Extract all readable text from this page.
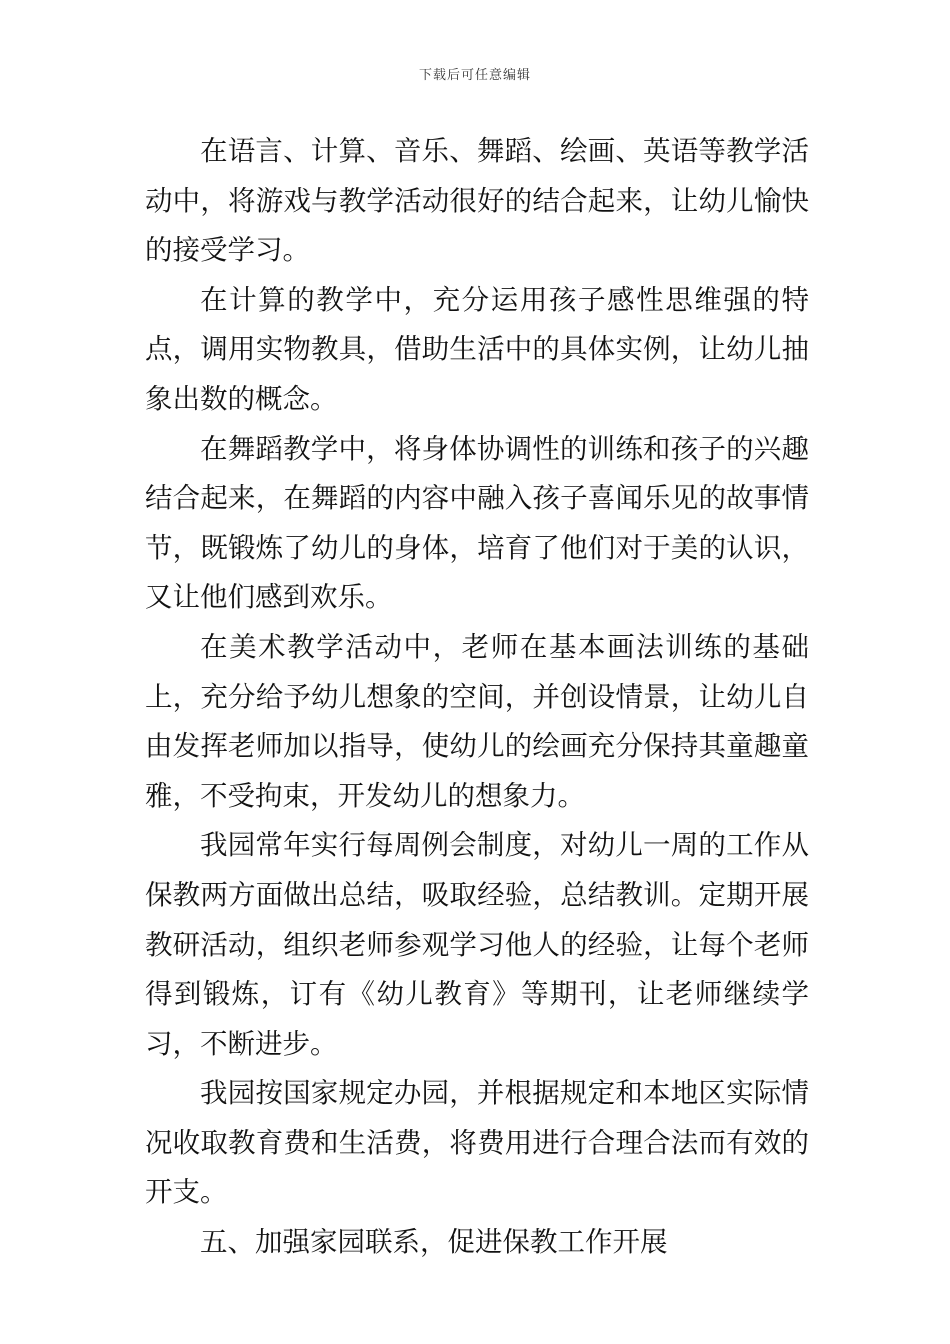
下载后可任意编辑

在语言、计算、音乐、舞蹈、绘画、英语等教学活动中，将游戏与教学活动很好的结合起来，让幼儿愉快的接受学习。

在计算的教学中，充分运用孩子感性思维强的特点，调用实物教具，借助生活中的具体实例，让幼儿抽象出数的概念。

在舞蹈教学中，将身体协调性的训练和孩子的兴趣结合起来，在舞蹈的内容中融入孩子喜闻乐见的故事情节，既锻炼了幼儿的身体，培育了他们对于美的认识，又让他们感到欢乐。

在美术教学活动中，老师在基本画法训练的基础上，充分给予幼儿想象的空间，并创设情景，让幼儿自由发挥老师加以指导，使幼儿的绘画充分保持其童趣童雅，不受拘束，开发幼儿的想象力。

我园常年实行每周例会制度，对幼儿一周的工作从保教两方面做出总结，吸取经验，总结教训。定期开展教研活动，组织老师参观学习他人的经验，让每个老师得到锻炼，订有《幼儿教育》等期刊，让老师继续学习，不断进步。

我园按国家规定办园，并根据规定和本地区实际情况收取教育费和生活费，将费用进行合理合法而有效的开支。

五、加强家园联系，促进保教工作开展
